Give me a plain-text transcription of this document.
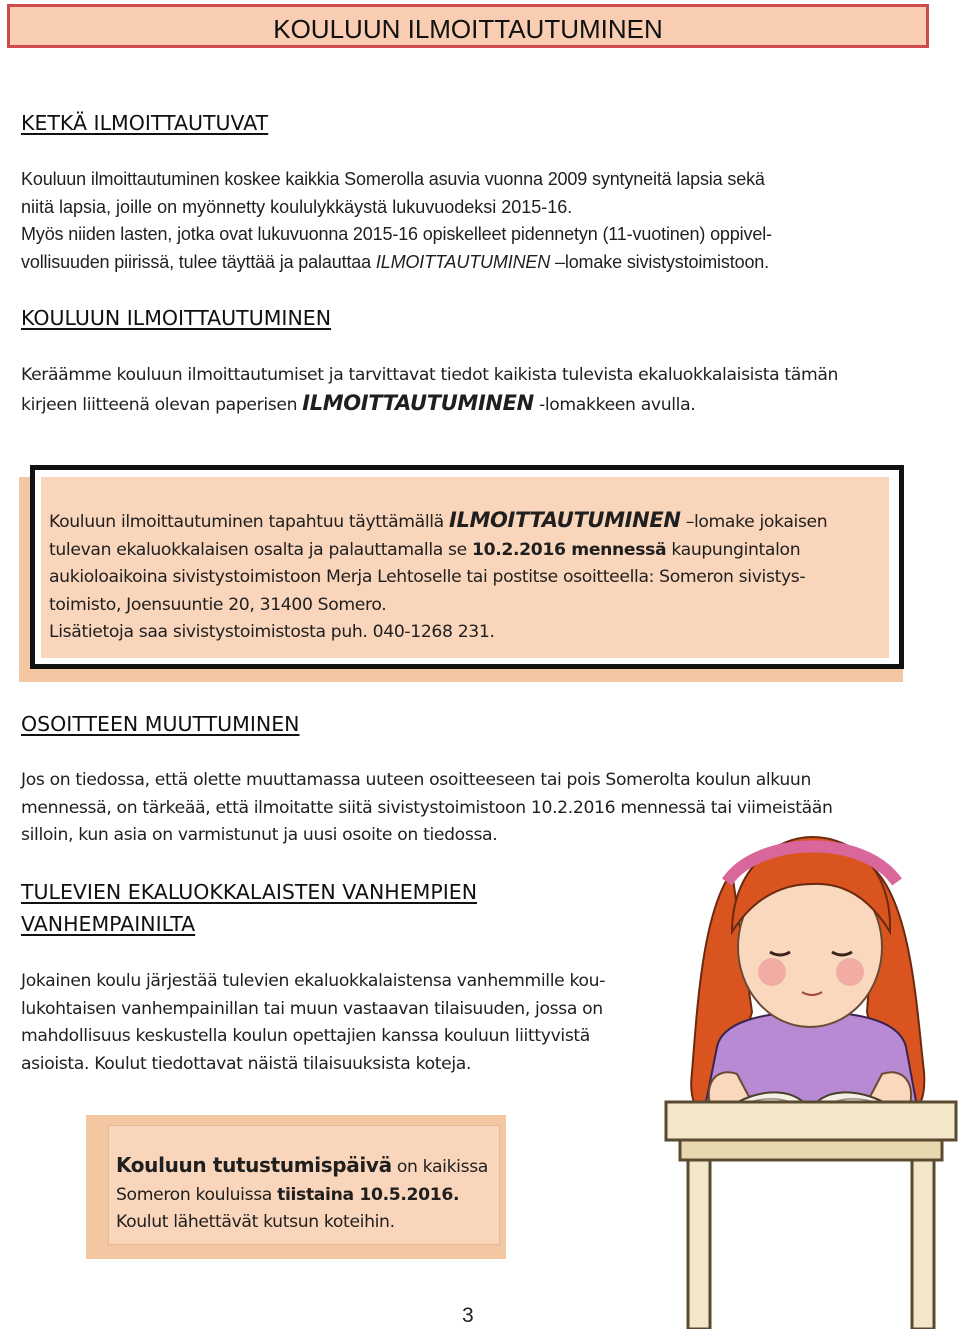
KOULUUN ILMOITTAUTUMINEN
KETKÄ ILMOITTAUTUVAT

Kouluun ilmoittautuminen koskee kaikkia Somerolla asuvia vuonna 2009 syntyneitä lapsia sekä

niitä lapsia, joille on myönnetty koululykkäystä lukuvuodeksi 2015-16.

Myös niiden lasten, jotka ovat lukuvuonna 2015-16 opiskelleet pidennetyn (11-vuotinen) oppivel-

vollisuuden piirissä, tulee täyttää ja palauttaa ILMOITTAUTUMINEN –lomake sivistystoimistoon.

KOULUUN ILMOITTAUTUMINEN

Keräämme kouluun ilmoittautumiset ja tarvittavat tiedot kaikista tulevista ekaluokkalaisista tämän

kirjeen liitteenä olevan paperisen ILMOITTAUTUMINEN -lomakkeen avulla.

Kouluun ilmoittautuminen tapahtuu täyttämällä ILMOITTAUTUMINEN –lomake jokaisen

tulevan ekaluokkalaisen osalta ja palauttamalla se 10.2.2016 mennessä kaupungintalon

aukioloaikoina sivistystoimistoon Merja Lehtoselle tai postitse osoitteella: Someron sivistys-

toimisto, Joensuuntie 20, 31400 Somero.

Lisätietoja saa sivistystoimistosta puh. 040-1268 231.

OSOITTEEN MUUTTUMINEN

Jos on tiedossa, että olette muuttamassa uuteen osoitteeseen tai pois Somerolta koulun alkuun

mennessä, on tärkeää, että ilmoitatte siitä sivistystoimistoon 10.2.2016 mennessä tai viimeistään

silloin, kun asia on varmistunut ja uusi osoite on tiedossa.

TULEVIEN EKALUOKKALAISTEN VANHEMPIEN
VANHEMPAINILTA

Jokainen koulu järjestää tulevien ekaluokkalaistensa vanhemmille kou-

lukohtaisen vanhempainillan tai muun vastaavan tilaisuuden, jossa on

mahdollisuus keskustella koulun opettajien kanssa kouluun liittyvistä

asioista. Koulut tiedottavat näistä tilaisuuksista koteja.

Kouluun tutustumispäivä on kaikissa

Someron kouluissa tiistaina 10.5.2016.

Koulut lähettävät kutsun koteihin.

3
